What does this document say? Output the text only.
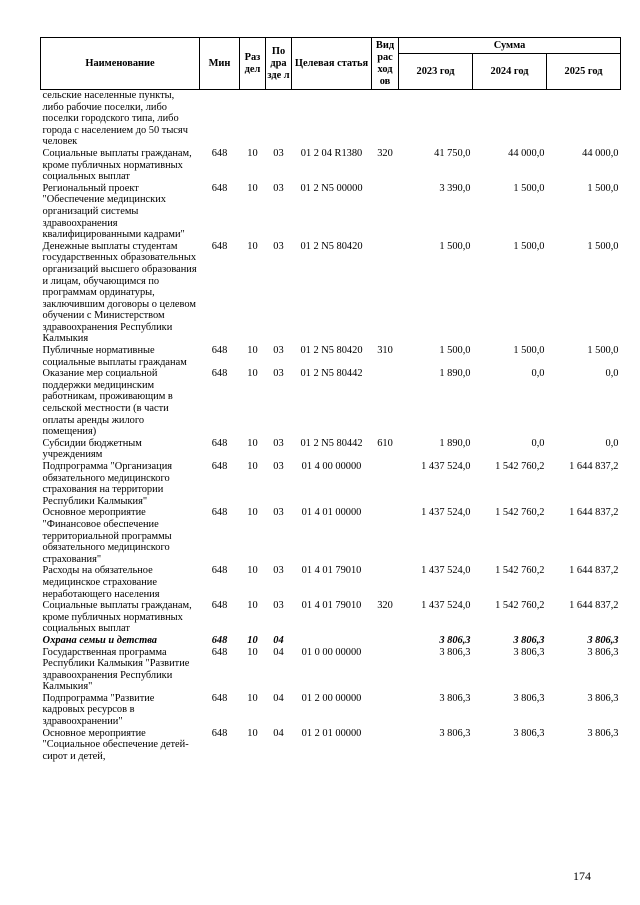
Наименование	Мин	Раз дел	По дра зде л	Целевая статья	Вид рас ход ов	Сумма		
						2023 год	2024 год	2025 год
сельские населенные пункты, либо рабочие поселки, либо поселки городского типа, либо города с населением до 50 тысяч человек								
Социальные выплаты гражданам, кроме публичных нормативных социальных выплат	648	10	03	01 2 04 R1380	320	41 750,0	44 000,0	44 000,0
Региональный проект "Обеспечение медицинских организаций системы здравоохранения квалифицированными кадрами"	648	10	03	01 2 N5 00000		3 390,0	1 500,0	1 500,0
Денежные выплаты студентам государственных образовательных организаций высшего образования и лицам, обучающимся по программам ординатуры, заключившим договоры о целевом обучении с Министерством здравоохранения Республики Калмыкия	648	10	03	01 2 N5 80420		1 500,0	1 500,0	1 500,0
Публичные нормативные социальные выплаты гражданам	648	10	03	01 2 N5 80420	310	1 500,0	1 500,0	1 500,0
Оказание мер социальной поддержки медицинским работникам, проживающим в сельской местности (в части оплаты аренды жилого помещения)	648	10	03	01 2 N5 80442		1 890,0	0,0	0,0
Субсидии бюджетным учреждениям	648	10	03	01 2 N5 80442	610	1 890,0	0,0	0,0
Подпрограмма "Организация обязательного медицинского страхования на территории Республики Калмыкия"	648	10	03	01 4 00 00000		1 437 524,0	1 542 760,2	1 644 837,2
Основное мероприятие "Финансовое обеспечение территориальной программы обязательного медицинского страхования"	648	10	03	01 4 01 00000		1 437 524,0	1 542 760,2	1 644 837,2
Расходы на обязательное медицинское страхование неработающего населения	648	10	03	01 4 01 79010		1 437 524,0	1 542 760,2	1 644 837,2
Социальные выплаты гражданам, кроме публичных нормативных социальных выплат	648	10	03	01 4 01 79010	320	1 437 524,0	1 542 760,2	1 644 837,2
Охрана семьи и детства	648	10	04			3 806,3	3 806,3	3 806,3
Государственная программа Республики Калмыкия "Развитие здравоохранения Республики Калмыкия"	648	10	04	01 0 00 00000		3 806,3	3 806,3	3 806,3
Подпрограмма "Развитие кадровых ресурсов в здравоохранении"	648	10	04	01 2 00 00000		3 806,3	3 806,3	3 806,3
Основное мероприятие "Социальное обеспечение детей-сирот и детей,	648	10	04	01 2 01 00000		3 806,3	3 806,3	3 806,3
174
